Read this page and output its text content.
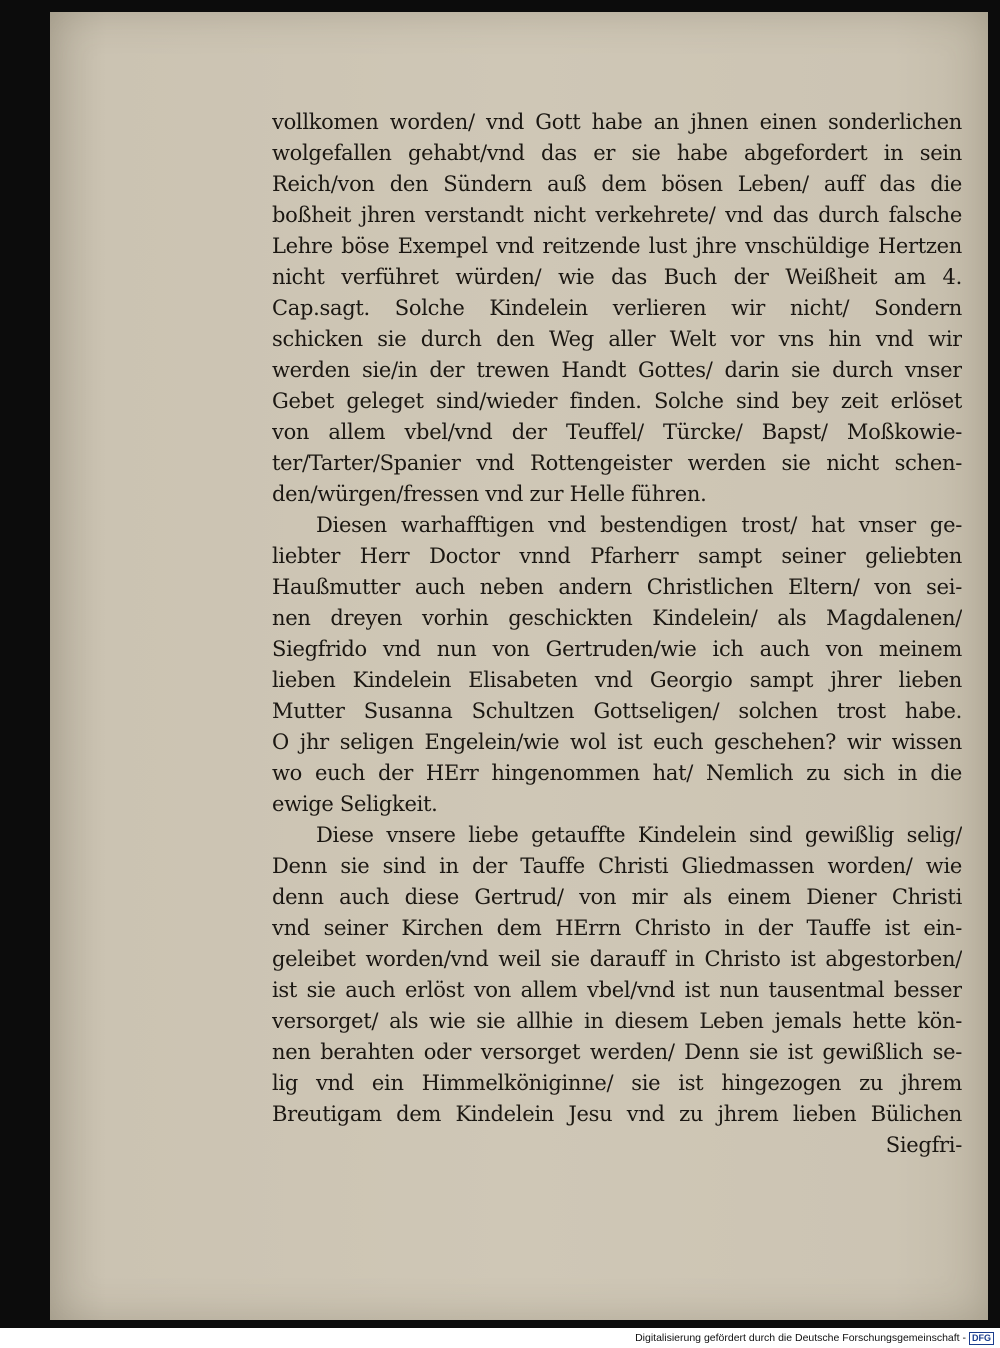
vollkomen worden/ vnd Gott habe an jhnen einen sonderlichen
wolgefallen gehabt/vnd das er sie habe abgefordert in sein
Reich/von den Sündern auß dem bösen Leben/ auff das die
boßheit jhren verstandt nicht verkehrete/ vnd das durch falsche
Lehre böse Exempel vnd reitzende lust jhre vnschüldige Hertzen
nicht verführet würden/ wie das Buch der Weißheit am 4.
Cap.sagt. Solche Kindelein verlieren wir nicht/ Sondern
schicken sie durch den Weg aller Welt vor vns hin vnd wir
werden sie/in der trewen Handt Gottes/ darin sie durch vnser
Gebet geleget sind/wieder finden. Solche sind bey zeit erlöset
von allem vbel/vnd der Teuffel/ Türcke/ Bapst/ Moßkowie-
ter/Tarter/Spanier vnd Rottengeister werden sie nicht schen-
den/würgen/fressen vnd zur Helle führen.
Diesen warhafftigen vnd bestendigen trost/ hat vnser ge-
liebter Herr Doctor vnnd Pfarherr sampt seiner geliebten
Haußmutter auch neben andern Christlichen Eltern/ von sei-
nen dreyen vorhin geschickten Kindelein/ als Magdalenen/
Siegfrido vnd nun von Gertruden/wie ich auch von meinem
lieben Kindelein Elisabeten vnd Georgio sampt jhrer lieben
Mutter Susanna Schultzen Gottseligen/ solchen trost habe.
O jhr seligen Engelein/wie wol ist euch geschehen? wir wissen
wo euch der HErr hingenommen hat/ Nemlich zu sich in die
ewige Seligkeit.
Diese vnsere liebe getauffte Kindelein sind gewißlig selig/
Denn sie sind in der Tauffe Christi Gliedmassen worden/ wie
denn auch diese Gertrud/ von mir als einem Diener Christi
vnd seiner Kirchen dem HErrn Christo in der Tauffe ist ein-
geleibet worden/vnd weil sie darauff in Christo ist abgestorben/
ist sie auch erlöst von allem vbel/vnd ist nun tausentmal besser
versorget/ als wie sie allhie in diesem Leben jemals hette kön-
nen berahten oder versorget werden/ Denn sie ist gewißlich se-
lig vnd ein Himmelköniginne/ sie ist hingezogen zu jhrem
Breutigam dem Kindelein Jesu vnd zu jhrem lieben Bülichen
Siegfri-
Digitalisierung gefördert durch die Deutsche Forschungsgemeinschaft - DFG
